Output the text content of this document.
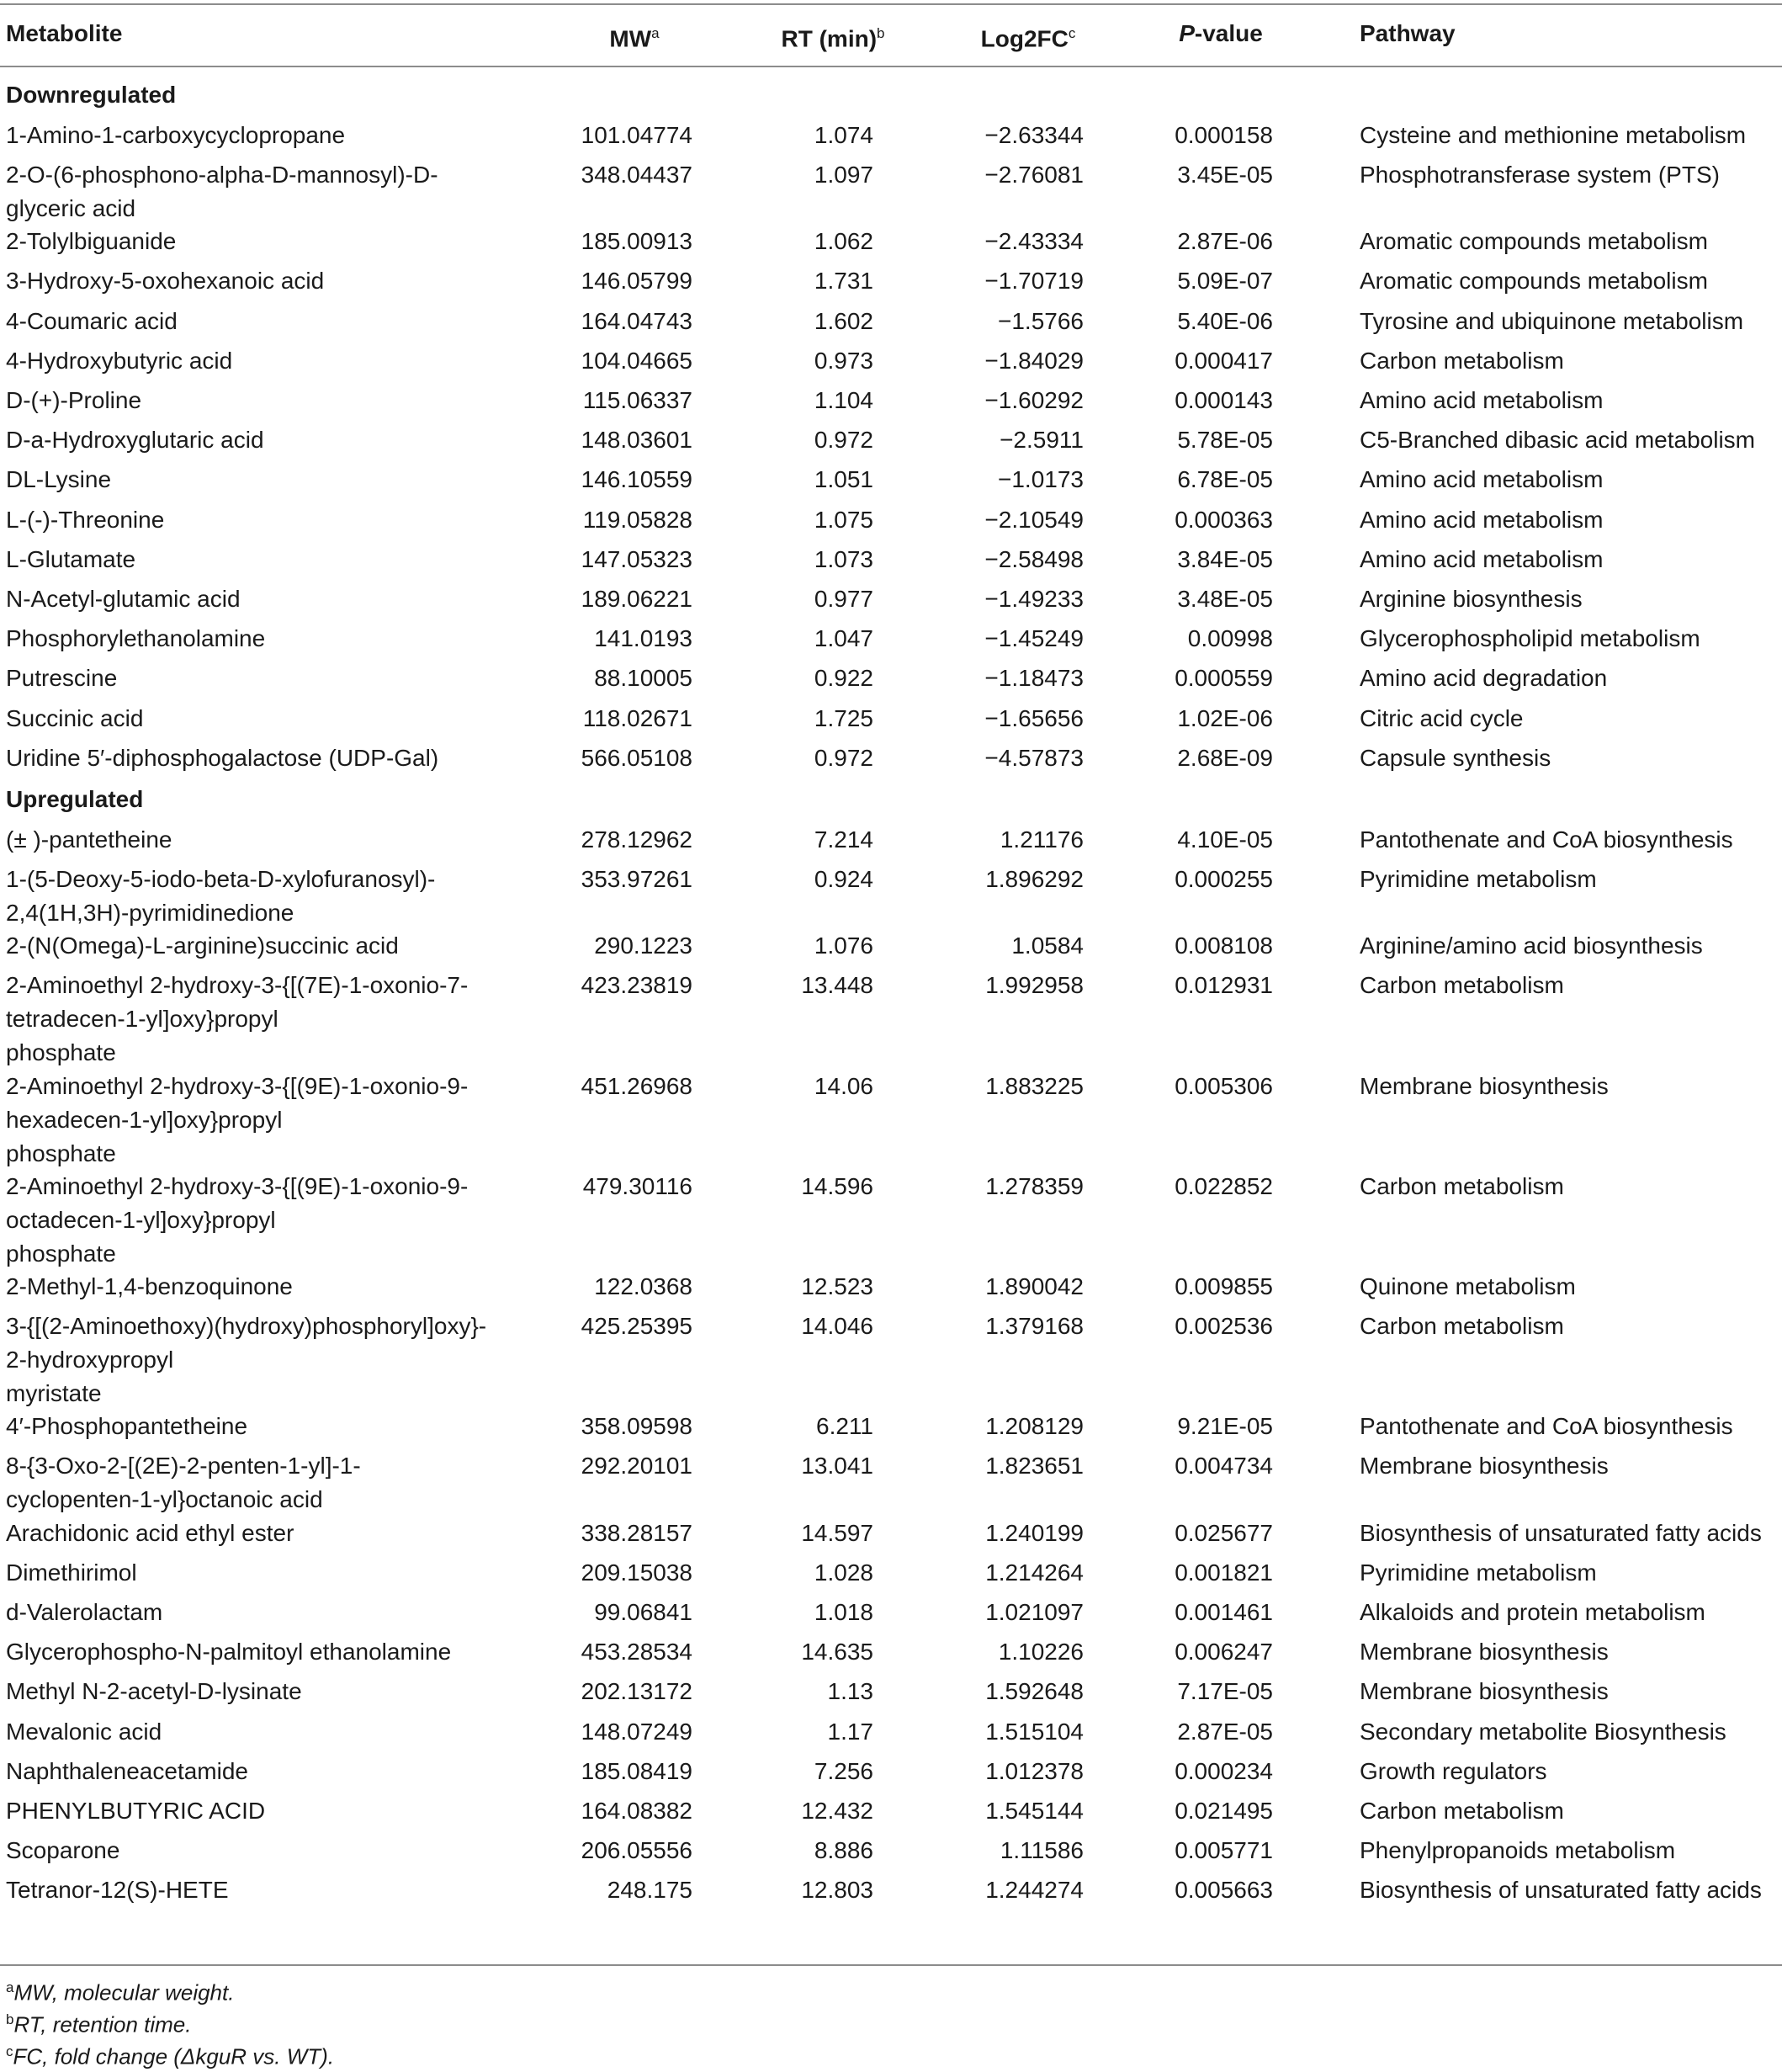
Metabolite	$MW^a$	RT $(\min)^b$	$Log2FC^c$	P-value	Pathway
Downregulated
1-Amino-1-carboxycyclopropane	101.04774	1.074	−2.63344	0.000158	Cysteine and methionine metabolism
2-O-(6-phosphono-alpha-D-mannosyl)-D-
glyceric acid
348.04437	1.097	−2.76081	3.45E-05	Phosphotransferase system (PTS)
2-Tolylbiguanide	185.00913	1.062	−2.43334	2.87E-06	Aromatic compounds metabolism
3-Hydroxy-5-oxohexanoic acid	146.05799	1.731	−1.70719	5.09E-07	Aromatic compounds metabolism
4-Coumaric acid	164.04743	1.602	−1.5766	5.40E-06	Tyrosine and ubiquinone metabolism
4-Hydroxybutyric acid	104.04665	0.973	−1.84029	0.000417	Carbon metabolism
D-(+)-Proline	115.06337	1.104	−1.60292	0.000143	Amino acid metabolism
D-a-Hydroxyglutaric acid	148.03601	0.972	−2.5911	5.78E-05	C5-Branched dibasic acid metabolism
DL-Lysine	146.10559	1.051	−1.0173	6.78E-05	Amino acid metabolism
L-(-)-Threonine	119.05828	1.075	−2.10549	0.000363	Amino acid metabolism
L-Glutamate	147.05323	1.073	−2.58498	3.84E-05	Amino acid metabolism
N-Acetyl-glutamic acid	189.06221	0.977	−1.49233	3.48E-05	Arginine biosynthesis
Phosphorylethanolamine	141.0193	1.047	−1.45249	0.00998	Glycerophospholipid metabolism
Putrescine	88.10005	0.922	−1.18473	0.000559	Amino acid degradation
Succinic acid	118.02671	1.725	−1.65656	1.02E-06	Citric acid cycle
Uridine 5′-diphosphogalactose (UDP-Gal)	566.05108	0.972	−4.57873	2.68E-09	Capsule synthesis
Upregulated
(± )-pantetheine	278.12962	7.214	1.21176	4.10E-05	Pantothenate and CoA biosynthesis
1-(5-Deoxy-5-iodo-beta-D-xylofuranosyl)-
2,4(1H,3H)-pyrimidinedione
353.97261	0.924	1.896292	0.000255	Pyrimidine metabolism
2-(N(Omega)-L-arginine)succinic acid	290.1223	1.076	1.0584	0.008108	Arginine/amino acid biosynthesis
2-Aminoethyl 2-hydroxy-3-{[(7E)-1-oxonio-7-
tetradecen-1-yl]oxy}propyl
phosphate
423.23819	13.448	1.992958	0.012931	Carbon metabolism
2-Aminoethyl 2-hydroxy-3-{[(9E)-1-oxonio-9-
hexadecen-1-yl]oxy}propyl
phosphate
451.26968	14.06	1.883225	0.005306	Membrane biosynthesis
2-Aminoethyl 2-hydroxy-3-{[(9E)-1-oxonio-9-
octadecen-1-yl]oxy}propyl
phosphate
479.30116	14.596	1.278359	0.022852	Carbon metabolism
2-Methyl-1,4-benzoquinone	122.0368	12.523	1.890042	0.009855	Quinone metabolism
3-{[(2-Aminoethoxy)(hydroxy)phosphoryl]oxy}-
2-hydroxypropyl
myristate
425.25395	14.046	1.379168	0.002536	Carbon metabolism
4′-Phosphopantetheine	358.09598	6.211	1.208129	9.21E-05	Pantothenate and CoA biosynthesis
8-{3-Oxo-2-[(2E)-2-penten-1-yl]-1-
cyclopenten-1-yl}octanoic acid
292.20101	13.041	1.823651	0.004734	Membrane biosynthesis
Arachidonic acid ethyl ester	338.28157	14.597	1.240199	0.025677	Biosynthesis of unsaturated fatty acids
Dimethirimol	209.15038	1.028	1.214264	0.001821	Pyrimidine metabolism
d-Valerolactam	99.06841	1.018	1.021097	0.001461	Alkaloids and protein metabolism
Glycerophospho-N-palmitoyl ethanolamine	453.28534	14.635	1.10226	0.006247	Membrane biosynthesis
Methyl N-2-acetyl-D-lysinate	202.13172	1.13	1.592648	7.17E-05	Membrane biosynthesis
Mevalonic acid	148.07249	1.17	1.515104	2.87E-05	Secondary metabolite Biosynthesis
Naphthaleneacetamide	185.08419	7.256	1.012378	0.000234	Growth regulators
PHENYLBUTYRIC ACID	164.08382	12.432	1.545144	0.021495	Carbon metabolism
Scoparone	206.05556	8.886	1.11586	0.005771	Phenylpropanoids metabolism
Tetranor-12(S)-HETE	248.175	12.803	1.244274	0.005663	Biosynthesis of unsaturated fatty acids
$^a$MW, molecular weight.
$^b$RT, retention time.
$^c$FC, fold change (ΔkguR vs. WT).
